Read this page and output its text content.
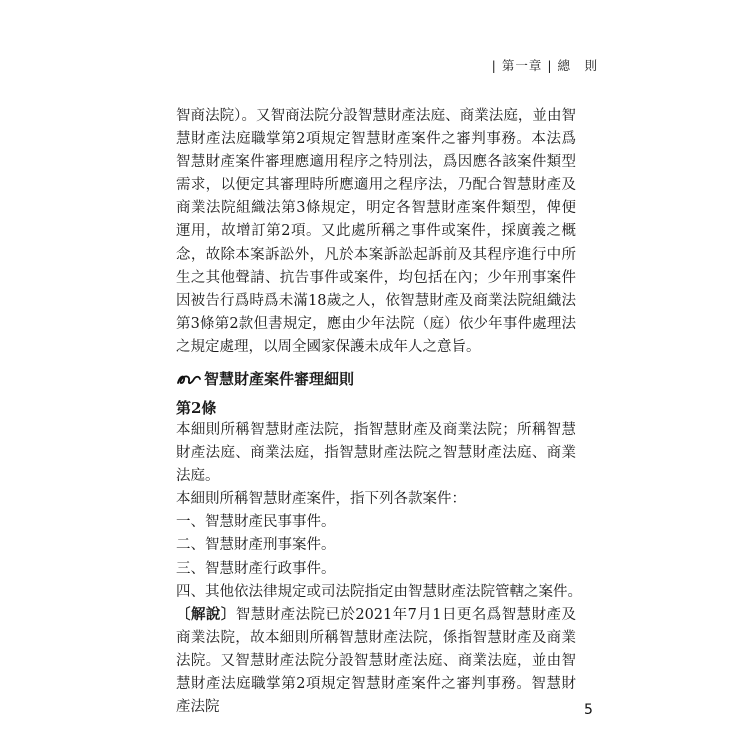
| 第一章 | 總　則

智商法院）。又智商法院分設智慧財產法庭、商業法庭，並由智慧財產法庭職掌第2項規定智慧財產案件之審判事務。本法爲智慧財產案件審理應適用程序之特別法，爲因應各該案件類型需求，以便定其審理時所應適用之程序法，乃配合智慧財產及商業法院組織法第3條規定，明定各智慧財產案件類型，俾便運用，故增訂第2項。又此處所稱之事件或案件，採廣義之概念，故除本案訴訟外，凡於本案訴訟起訴前及其程序進行中所生之其他聲請、抗告事件或案件，均包括在內；少年刑事案件因被告行爲時爲未滿18歲之人，依智慧財產及商業法院組織法第3條第2款但書規定，應由少年法院（庭）依少年事件處理法之規定處理，以周全國家保護未成年人之意旨。

智慧財產案件審理細則
第2條
本細則所稱智慧財產法院，指智慧財產及商業法院；所稱智慧財產法庭、商業法庭，指智慧財產法院之智慧財產法庭、商業法庭。
本細則所稱智慧財產案件，指下列各款案件：
一、智慧財產民事事件。
二、智慧財產刑事案件。
三、智慧財產行政事件。
四、其他依法律規定或司法院指定由智慧財產法院管轄之案件。
〔解說〕智慧財產法院已於2021年7月1日更名爲智慧財產及商業法院，故本細則所稱智慧財產法院，係指智慧財產及商業法院。又智慧財產法院分設智慧財產法庭、商業法庭，並由智慧財產法庭職掌第2項規定智慧財產案件之審判事務。智慧財產法院	5
